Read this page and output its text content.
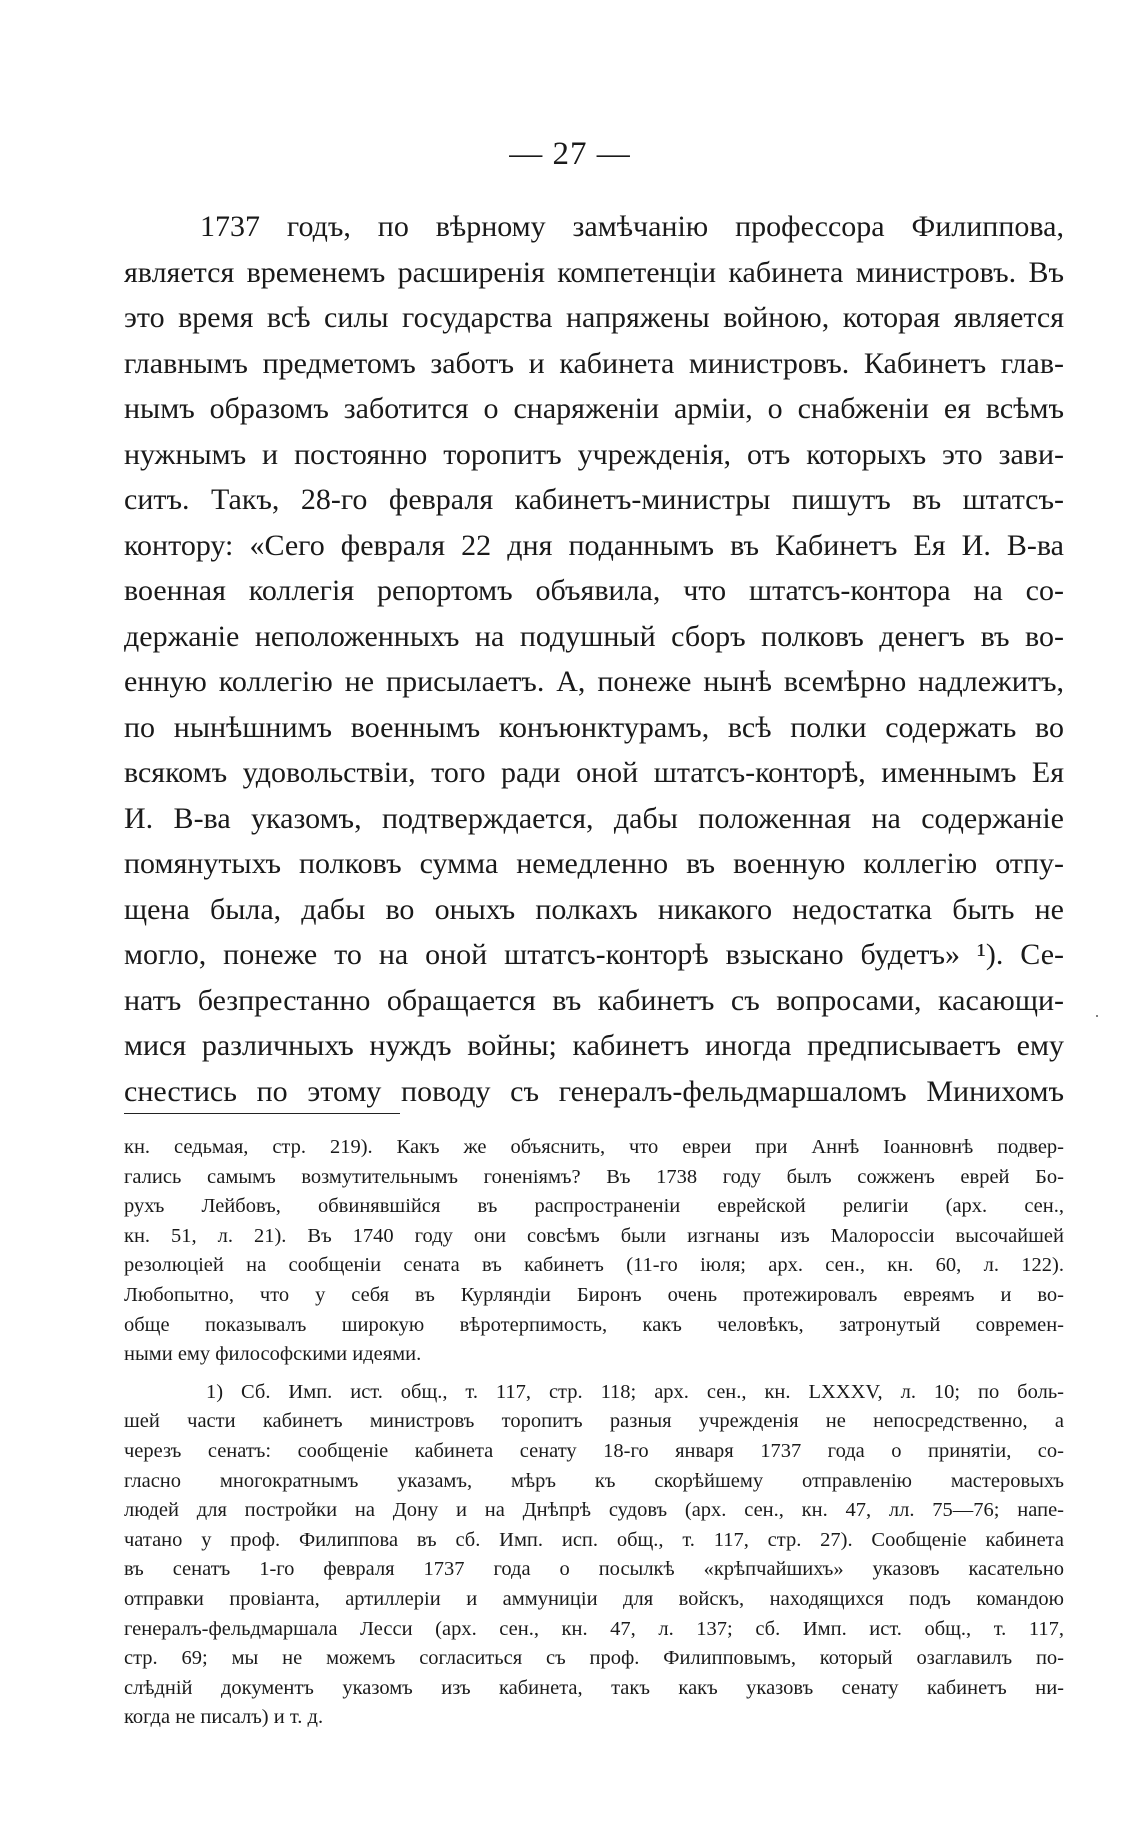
— 27 —
1737 годъ, по вѣрному замѣчанію профессора Филиппова,
является временемъ расширенія компетенціи кабинета министровъ. Въ
это время всѣ силы государства напряжены войною, которая является
главнымъ предметомъ заботъ и кабинета министровъ. Кабинетъ глав-
нымъ образомъ заботится о снаряженіи арміи, о снабженіи ея всѣмъ
нужнымъ и постоянно торопитъ учрежденія, отъ которыхъ это зави-
ситъ. Такъ, 28-го февраля кабинетъ-министры пишутъ въ штатсъ-
контору: «Сего февраля 22 дня поданнымъ въ Кабинетъ Ея И. В-ва
военная коллегія репортомъ объявила, что штатсъ-контора на со-
держаніе неположенныхъ на подушный сборъ полковъ денегъ въ во-
енную коллегію не присылаетъ. А, понеже нынѣ всемѣрно надлежитъ,
по нынѣшнимъ военнымъ конъюнктурамъ, всѣ полки содержать во
всякомъ удовольствіи, того ради оной штатсъ-конторѣ, именнымъ Ея
И. В-ва указомъ, подтверждается, дабы положенная на содержаніе
помянутыхъ полковъ сумма немедленно въ военную коллегію отпу-
щена была, дабы во оныхъ полкахъ никакого недостатка быть не
могло, понеже то на оной штатсъ-конторѣ взыскано будетъ» ¹). Се-
натъ безпрестанно обращается въ кабинетъ съ вопросами, касающи-
мися различныхъ нуждъ войны; кабинетъ иногда предписываетъ ему
снестись по этому поводу съ генералъ-фельдмаршаломъ Минихомъ
кн. седьмая, стр. 219). Какъ же объяснить, что евреи при Аннѣ Іоанновнѣ подвер-
гались самымъ возмутительнымъ гоненіямъ? Въ 1738 году былъ сожженъ еврей Бо-
рухъ Лейбовъ, обвинявшійся въ распространеніи еврейской религіи (арх. сен.,
кн. 51, л. 21). Въ 1740 году они совсѣмъ были изгнаны изъ Малороссіи высочайшей
резолюціей на сообщеніи сената въ кабинетъ (11-го іюля; арх. сен., кн. 60, л. 122).
Любопытно, что у себя въ Курляндіи Биронъ очень протежировалъ евреямъ и во-
обще показывалъ широкую вѣротерпимость, какъ человѣкъ, затронутый современ-
ными ему философскими идеями.
1) Сб. Имп. ист. общ., т. 117, стр. 118; арх. сен., кн. LXXXV, л. 10; по боль-
шей части кабинетъ министровъ торопитъ разныя учрежденія не непосредственно, а
черезъ сенатъ: сообщеніе кабинета сенату 18-го января 1737 года о принятіи, со-
гласно многократнымъ указамъ, мѣръ къ скорѣйшему отправленію мастеровыхъ
людей для постройки на Дону и на Днѣпрѣ судовъ (арх. сен., кн. 47, лл. 75—76; напе-
чатано у проф. Филиппова въ сб. Имп. исп. общ., т. 117, стр. 27). Сообщеніе кабинета
въ сенатъ 1-го февраля 1737 года о посылкѣ «крѣпчайшихъ» указовъ касательно
отправки провіанта, артиллеріи и аммуниціи для войскъ, находящихся подъ командою
генералъ-фельдмаршала Лесси (арх. сен., кн. 47, л. 137; сб. Имп. ист. общ., т. 117,
стр. 69; мы не можемъ согласиться съ проф. Филипповымъ, который озаглавилъ по-
слѣдній документъ указомъ изъ кабинета, такъ какъ указовъ сенату кабинетъ ни-
когда не писалъ) и т. д.
